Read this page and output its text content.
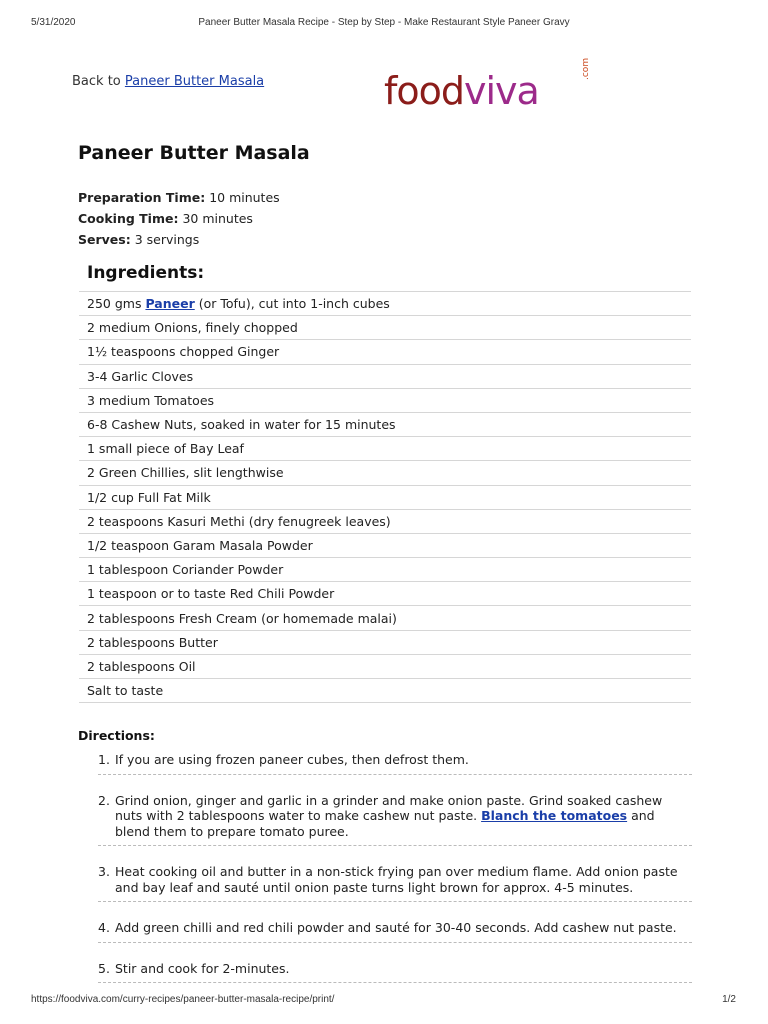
5/31/2020	Paneer Butter Masala Recipe - Step by Step - Make Restaurant Style Paneer Gravy
Back to Paneer Butter Masala	foodviva
.com
Paneer Butter Masala
Preparation Time: 10 minutes
Cooking Time: 30 minutes
Serves: 3 servings
Ingredients:
250 gms Paneer (or Tofu), cut into 1-inch cubes
2 medium Onions, finely chopped
1½ teaspoons chopped Ginger
3-4 Garlic Cloves
3 medium Tomatoes
6-8 Cashew Nuts, soaked in water for 15 minutes
1 small piece of Bay Leaf
2 Green Chillies, slit lengthwise
1/2 cup Full Fat Milk
2 teaspoons Kasuri Methi (dry fenugreek leaves)
1/2 teaspoon Garam Masala Powder
1 tablespoon Coriander Powder
1 teaspoon or to taste Red Chili Powder
2 tablespoons Fresh Cream (or homemade malai)
2 tablespoons Butter
2 tablespoons Oil
Salt to taste
Directions:
1. If you are using frozen paneer cubes, then defrost them.
2. Grind onion, ginger and garlic in a grinder and make onion paste. Grind soaked cashew nuts with 2 tablespoons water to make cashew nut paste. Blanch the tomatoes and blend them to prepare tomato puree.
3. Heat cooking oil and butter in a non-stick frying pan over medium flame. Add onion paste and bay leaf and sauté until onion paste turns light brown for approx. 4-5 minutes.
4. Add green chilli and red chili powder and sauté for 30-40 seconds. Add cashew nut paste.
5. Stir and cook for 2-minutes.
https://foodviva.com/curry-recipes/paneer-butter-masala-recipe/print/	1/2
